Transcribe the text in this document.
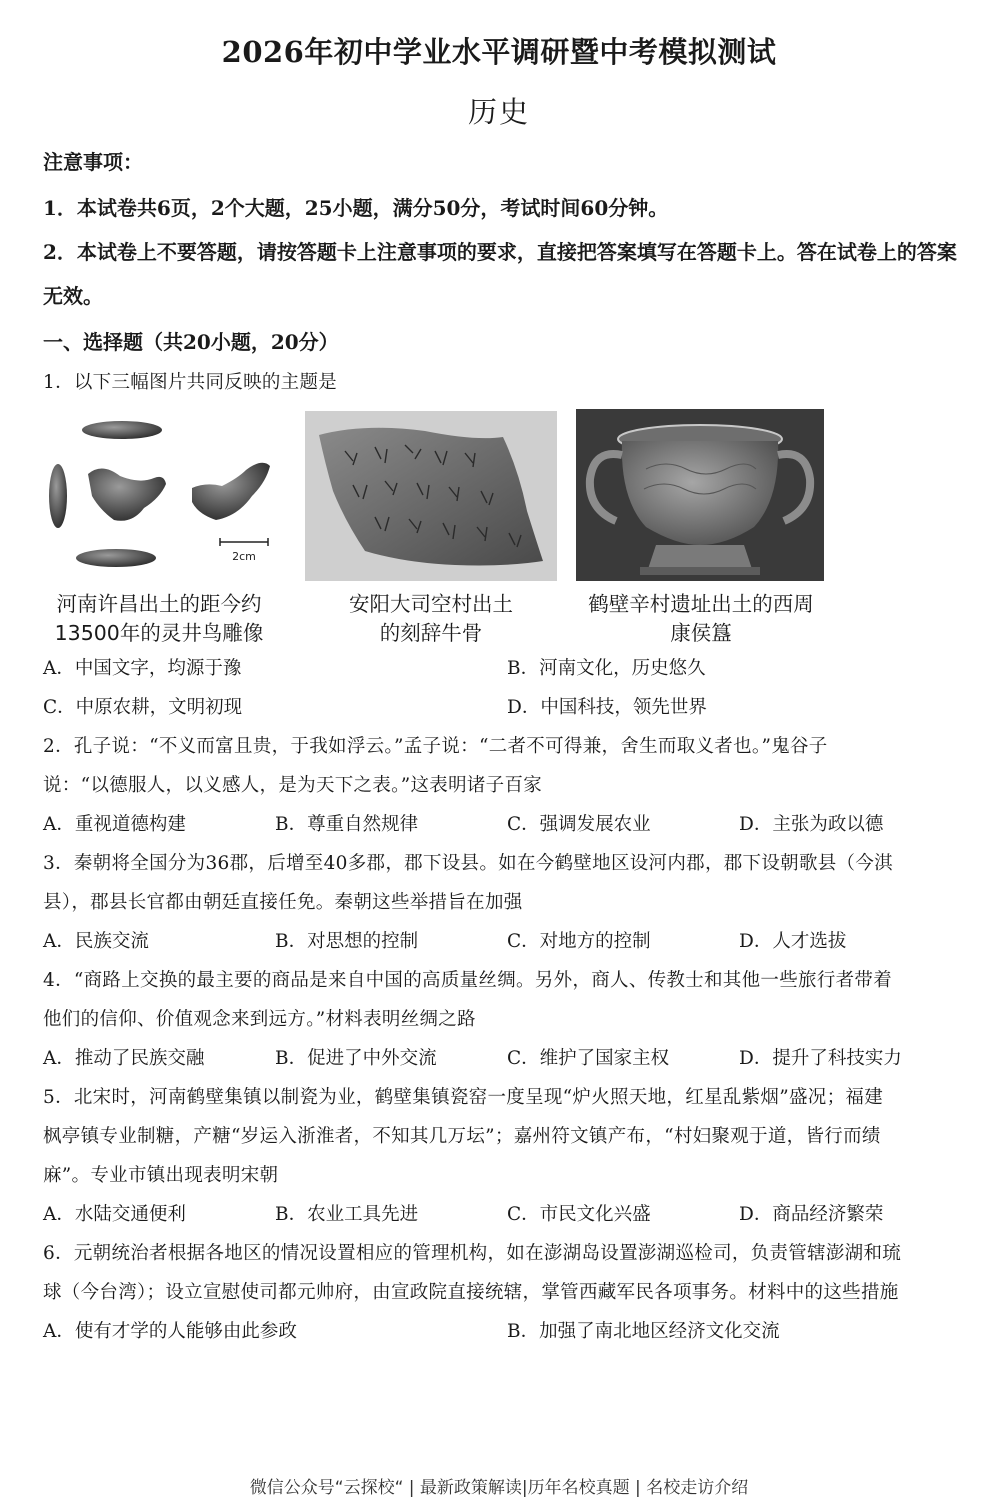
2026年初中学业水平调研暨中考模拟测试
历史
注意事项：
1．本试卷共6页，2个大题，25小题，满分50分，考试时间60分钟。
2．本试卷上不要答题，请按答题卡上注意事项的要求，直接把答案填写在答题卡上。答在试卷上的答案无效。
一、选择题（共20小题，20分）
1．以下三幅图片共同反映的主题是
2cm
河南许昌出土的距今约
13500年的灵井鸟雕像
安阳大司空村出土
的刻辞牛骨
鹤壁辛村遗址出土的西周
康侯簋
A．中国文字，均源于豫	B．河南文化，历史悠久
C．中原农耕，文明初现	D．中国科技，领先世界
2．孔子说：“不义而富且贵，于我如浮云。”孟子说：“二者不可得兼，舍生而取义者也。”鬼谷子
说：“以德服人，以义感人，是为天下之表。”这表明诸子百家
A．重视道德构建	B．尊重自然规律	C．强调发展农业	D．主张为政以德
3．秦朝将全国分为36郡，后增至40多郡，郡下设县。如在今鹤壁地区设河内郡，郡下设朝歌县（今淇
县），郡县长官都由朝廷直接任免。秦朝这些举措旨在加强
A．民族交流	B．对思想的控制	C．对地方的控制	D．人才选拔
4．“商路上交换的最主要的商品是来自中国的高质量丝绸。另外，商人、传教士和其他一些旅行者带着
他们的信仰、价值观念来到远方。”材料表明丝绸之路
A．推动了民族交融	B．促进了中外交流	C．维护了国家主权	D．提升了科技实力
5．北宋时，河南鹤壁集镇以制瓷为业，鹤壁集镇瓷窑一度呈现“炉火照天地，红星乱紫烟”盛况；福建
枫亭镇专业制糖，产糖“岁运入浙淮者，不知其几万坛”；嘉州符文镇产布，“村妇聚观于道，皆行而绩
麻”。专业市镇出现表明宋朝
A．水陆交通便利	B．农业工具先进	C．市民文化兴盛	D．商品经济繁荣
6．元朝统治者根据各地区的情况设置相应的管理机构，如在澎湖岛设置澎湖巡检司，负责管辖澎湖和琉
球（今台湾）；设立宣慰使司都元帅府，由宣政院直接统辖，掌管西藏军民各项事务。材料中的这些措施
A．使有才学的人能够由此参政	B．加强了南北地区经济文化交流
微信公众号“云探校“ | 最新政策解读|历年名校真题 | 名校走访介绍
